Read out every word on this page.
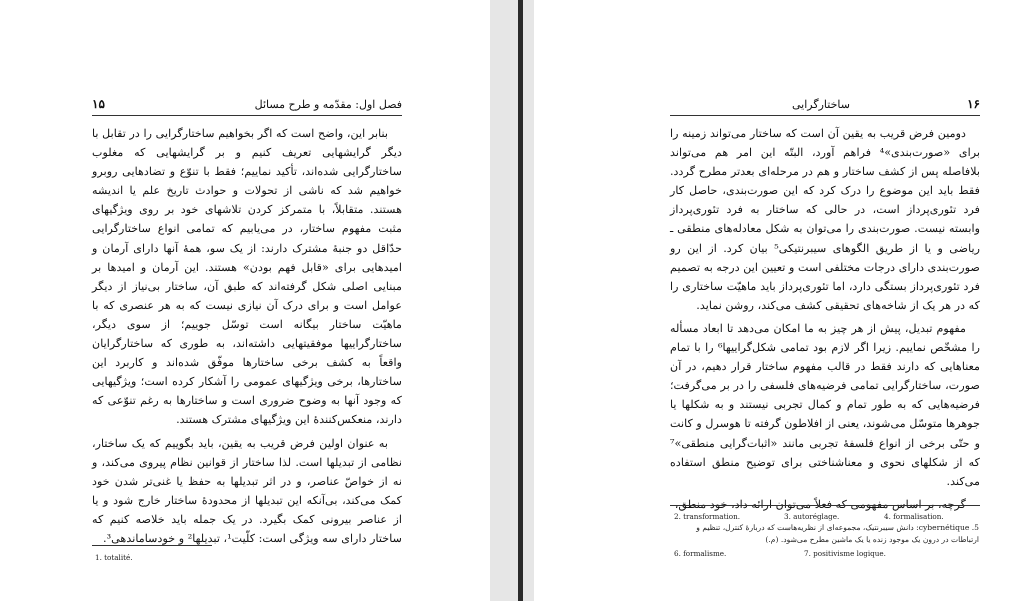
۱۵	فصل اول: مقدّمه و طرح مسائل

بنابر این، واضح است که اگر بخواهیم ساختارگرایی را در تقابل با دیگر گرایشهایی تعریف کنیم و بر گرایشهایی که مغلوب ساختارگرایی شده‌اند، تأکید نماییم؛ فقط با تنوّع و تضادهایی روبرو خواهیم شد که ناشی از تحولات و حوادث تاریخ علم یا اندیشه هستند. متقابلاً، با متمرکز کردن تلاشهای خود بر روی ویژگیهای مثبت مفهوم ساختار، در می‌یابیم که تمامی انواع ساختارگرایی حدّاقل دو جنبهٔ مشترک دارند: از یک سو، همهٔ آنها دارای آرمان و امیدهایی برای «قابل فهم بودن» هستند. این آرمان و امیدها بر مبنایی اصلی شکل گرفته‌اند که طبق آن، ساختار بی‌نیاز از دیگر عوامل است و برای درک آن نیازی نیست که به هر عنصری که با ماهیّت ساختار بیگانه است توسّل جوییم؛ از سوی دیگر، ساختارگراییها موفقیتهایی داشته‌اند، به طوری که ساختارگرایان واقعاً به کشف برخی ساختارها موفّق شده‌اند و کاربرد این ساختارها، برخی ویژگیهای عمومی را آشکار کرده است؛ ویژگیهایی که وجود آنها به وضوح ضروری است و ساختارها به رغم تنوّعی که دارند، منعکس‌کنندهٔ این ویژگیهای مشترک هستند.

به عنوان اولین فرض قریب به یقین، باید بگوییم که یک ساختار، نظامی از تبدیلها است. لذا ساختار از قوانین نظام پیروی می‌کند، و نه از خواصّ عناصر، و در اثر تبدیلها به حفظ یا غنی‌تر شدن خود کمک می‌کند، بی‌آنکه این تبدیلها از محدودهٔ ساختار خارج شود و یا از عناصر بیرونی کمک بگیرد. در یک جمله باید خلاصه کنیم که ساختار دارای سه ویژگی است: کلّیت¹، تبدیلها² و خودساماندهی³.

1. totalité.
ساختارگرایی	۱۶

دومین فرض قریب به یقین آن است که ساختار می‌تواند زمینه را برای «صورت‌بندی»⁴ فراهم آورد، البتّه این امر هم می‌تواند بلافاصله پس از کشف ساختار و هم در مرحله‌ای بعدتر مطرح گردد. فقط باید این موضوع را درک کرد که این صورت‌بندی، حاصل کار فرد تئوری‌پرداز است، در حالی که ساختار به فرد تئوری‌پرداز وابسته نیست. صورت‌بندی را می‌توان به شکل معادله‌های منطقی ـ ریاضی و یا از طریق الگوهای سیبرنتیکی⁵ بیان کرد. از این رو صورت‌بندی دارای درجات مختلفی است و تعیین این درجه به تصمیم فرد تئوری‌پرداز بستگی دارد، اما تئوری‌پرداز باید ماهیّت ساختاری را که در هر یک از شاخه‌های تحقیقی کشف می‌کند، روشن نماید.

مفهوم تبدیل، پیش از هر چیز به ما امکان می‌دهد تا ابعاد مسأله را مشخّص نماییم. زیرا اگر لازم بود تمامی شکل‌گراییها⁶ را با تمام معناهایی که دارند فقط در قالب مفهوم ساختار قرار دهیم، در آن صورت، ساختارگرایی تمامی فرضیه‌های فلسفی را در بر می‌گرفت؛ فرضیه‌هایی که به طور تمام و کمال تجربی نیستند و به شکلها یا جوهرها متوسّل می‌شوند، یعنی از افلاطون گرفته تا هوسرل و کانت و حتّی برخی از انواع فلسفهٔ تجربی مانند «اثبات‌گرایی منطقی»⁷ که از شکلهای نحوی و معناشناختی برای توضیح منطق استفاده می‌کند.

2. transformation.	3. autoréglage.	4. formalisation.
5. cybernétique: دانش سیبرنتیک، مجموعه‌ای از نظریه‌هاست که دربارهٔ کنترل، تنظیم و ارتباطات در درون یک موجود زنده یا یک ماشین مطرح می‌شود. (م.)
6. formalisme.	7. positivisme logique.
